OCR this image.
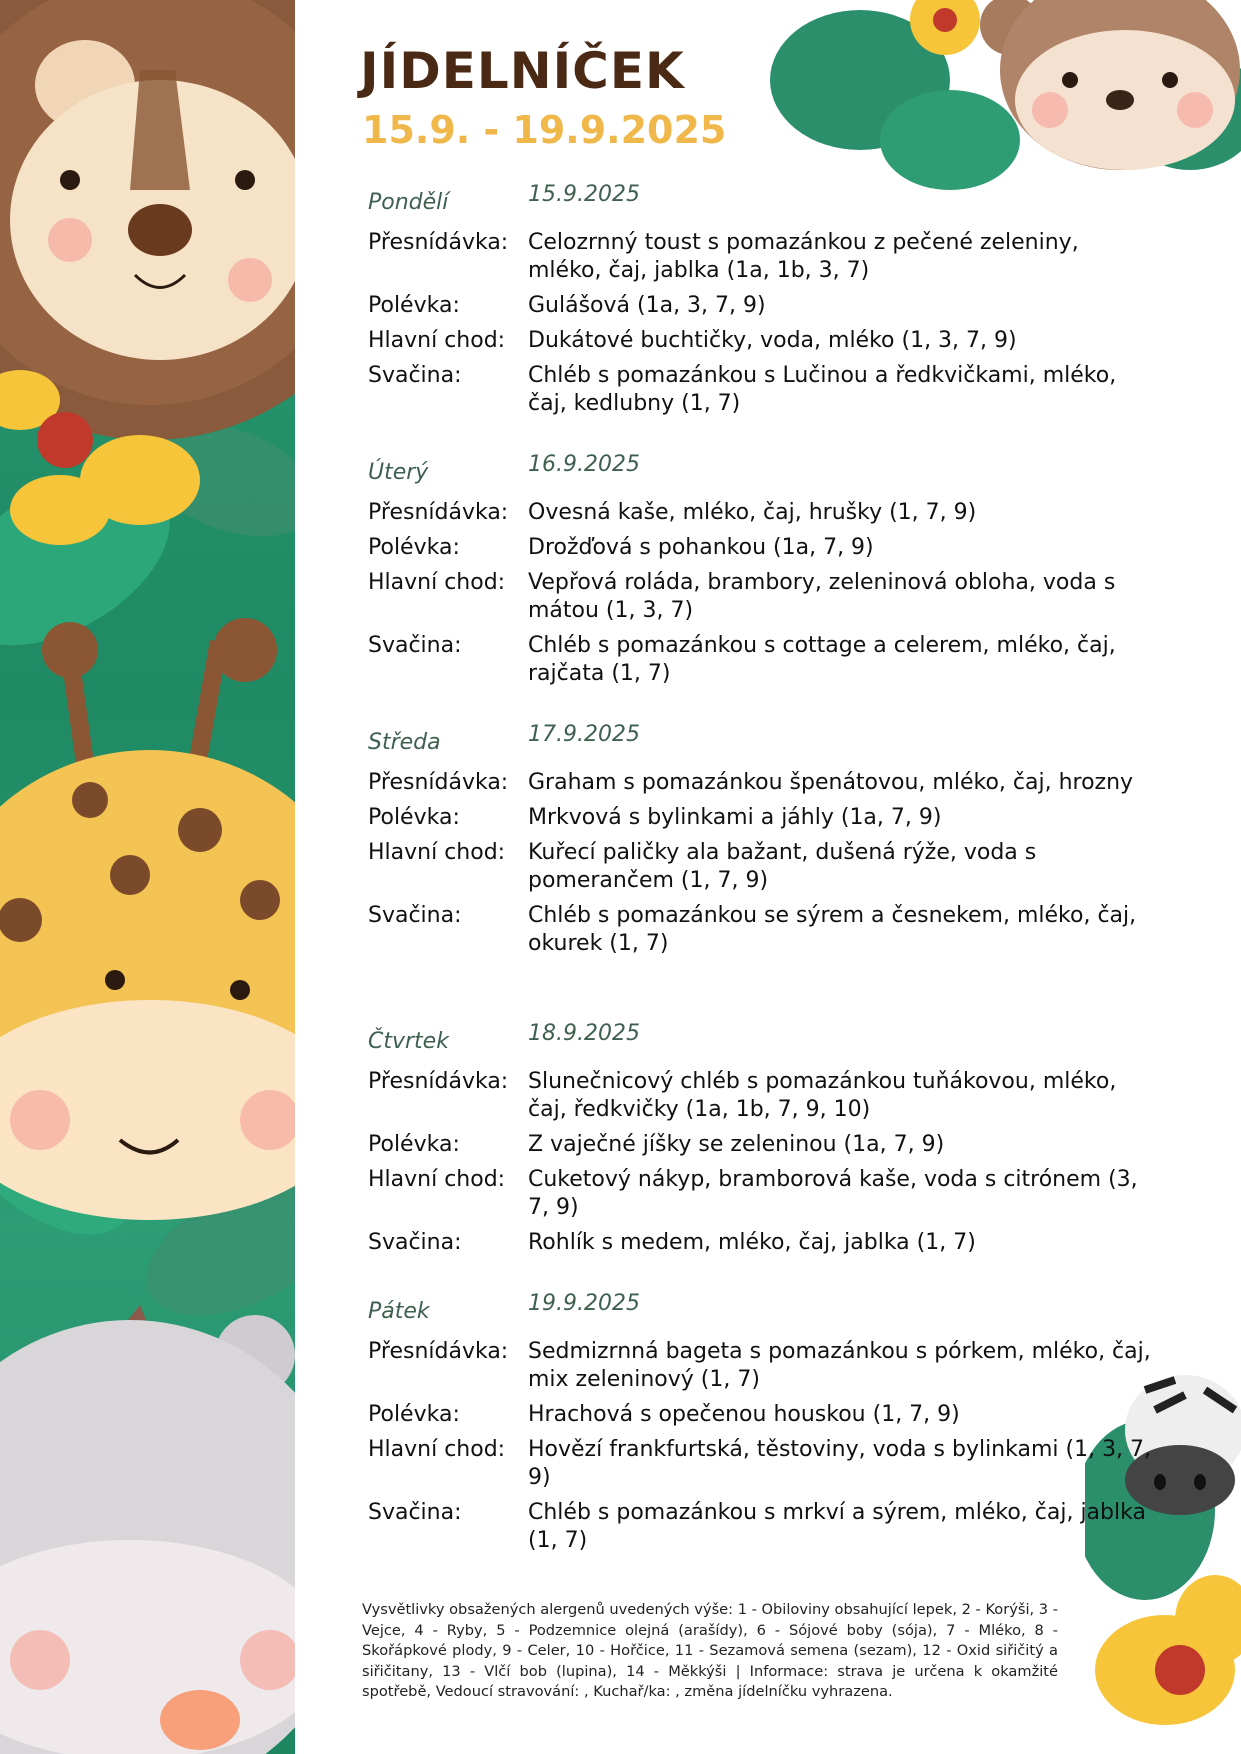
JÍDELNÍČEK
15.9. - 19.9.2025
Pondělí	15.9.2025
Přesnídávka: Celozrnný toust s pomazánkou z pečené zeleniny, mléko, čaj, jablka (1a, 1b, 3, 7)
Polévka:	Gulášová (1a, 3, 7, 9)
Hlavní chod:	Dukátové buchtičky, voda, mléko (1, 3, 7, 9)
Svačina:	Chléb s pomazánkou s Lučinou a ředkvičkami, mléko, čaj, kedlubny (1, 7)
Úterý	16.9.2025
Přesnídávka: Ovesná kaše, mléko, čaj, hrušky (1, 7, 9)
Polévka:	Drožďová s pohankou (1a, 7, 9)
Hlavní chod:	Vepřová roláda, brambory, zeleninová obloha, voda s mátou (1, 3, 7)
Svačina:	Chléb s pomazánkou s cottage a celerem, mléko, čaj, rajčata (1, 7)
Středa	17.9.2025
Přesnídávka: Graham s pomazánkou špenátovou, mléko, čaj, hrozny
Polévka:	Mrkvová s bylinkami a jáhly (1a, 7, 9)
Hlavní chod:	Kuřecí paličky ala bažant, dušená rýže, voda s pomerančem (1, 7, 9)
Svačina:	Chléb s pomazánkou se sýrem a česnekem, mléko, čaj, okurek (1, 7)
Čtvrtek	18.9.2025
Přesnídávka: Slunečnicový chléb s pomazánkou tuňákovou, mléko, čaj, ředkvičky (1a, 1b, 7, 9, 10)
Polévka:	Z vaječné jíšky se zeleninou (1a, 7, 9)
Hlavní chod:	Cuketový nákyp, bramborová kaše, voda s citrónem (3, 7, 9)
Svačina:	Rohlík s medem, mléko, čaj, jablka (1, 7)
Pátek	19.9.2025
Přesnídávka: Sedmizrnná bageta s pomazánkou s pórkem, mléko, čaj, mix zeleninový (1, 7)
Polévka:	Hrachová s opečenou houskou (1, 7, 9)
Hlavní chod:	Hovězí frankfurtská, těstoviny, voda s bylinkami (1, 3, 7, 9)
Svačina:	Chléb s pomazánkou s mrkví a sýrem, mléko, čaj, jablka (1, 7)
Vysvětlivky obsažených alergenů uvedených výše: 1 - Obiloviny obsahující lepek, 2 - Korýši, 3 - Vejce, 4 - Ryby, 5 - Podzemnice olejná (arašídy), 6 - Sójové boby (sója), 7 - Mléko, 8 - Skořápkové plody, 9 - Celer, 10 - Hořčice, 11 - Sezamová semena (sezam), 12 - Oxid siřičitý a siřičitany, 13 - Vlčí bob (lupina), 14 - Měkkýši | Informace: strava je určena k okamžité spotřebě, Vedoucí stravování: , Kuchař/ka: , změna jídelníčku vyhrazena.
